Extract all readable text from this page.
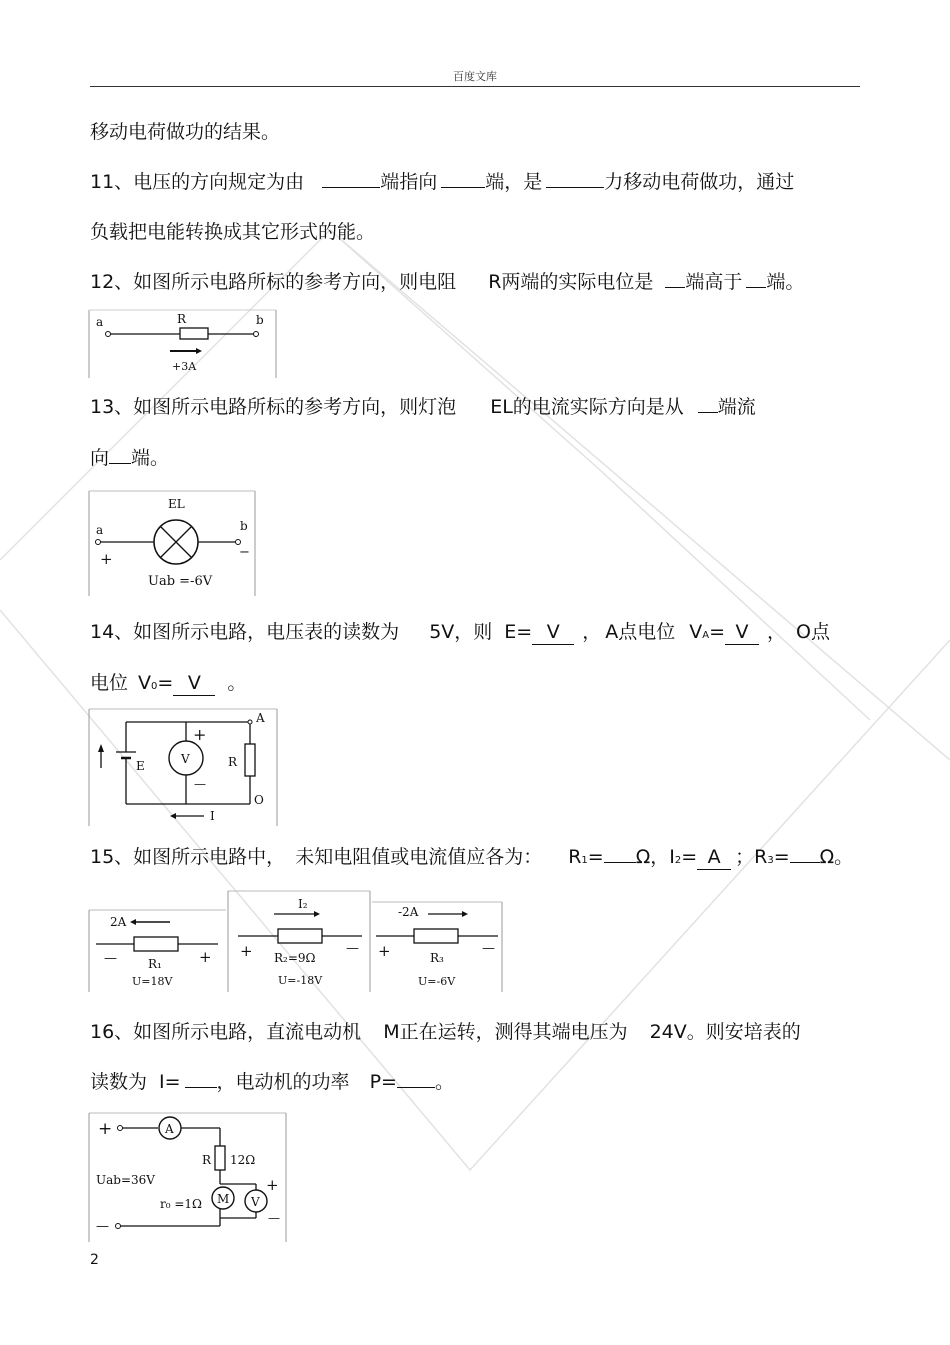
百度文库
移动电荷做功的结果。
11、电压的方向规定为由	端指向	端，是	力移动电荷做功，通过
负载把电能转换成其它形式的能。
12、如图所示电路所标的参考方向，则电阻 R两端的实际电位是 端高于 端。
a	R	b
+3A
13、如图所示电路所标的参考方向，则灯泡 EL的电流实际方向是从 端流
向 端。
EL
a	b
+	−
Uab =-6V
14、如图所示电路，电压表的读数为 5V，则 E= V ， A点电位 VA= V ， O点
电位 V0= V 。
A
E	V
+
—
R
O
I
15、如图所示电路中， 未知电阻值或电流值应各为： R1= Ω，I2= A ；R3= Ω。
2A
—	+
R₁
U=18V
I₂
+	—
R₂=9Ω
U=-18V
-2A
+	—
R₃
U=-6V
16、如图所示电路，直流电动机 M正在运转，测得其端电压为 24V。则安培表的
读数为 I= ，电动机的功率 P= 。
+	A
R 12Ω
Uab=36V
M V
+
—
r₀ =1Ω
—
2
